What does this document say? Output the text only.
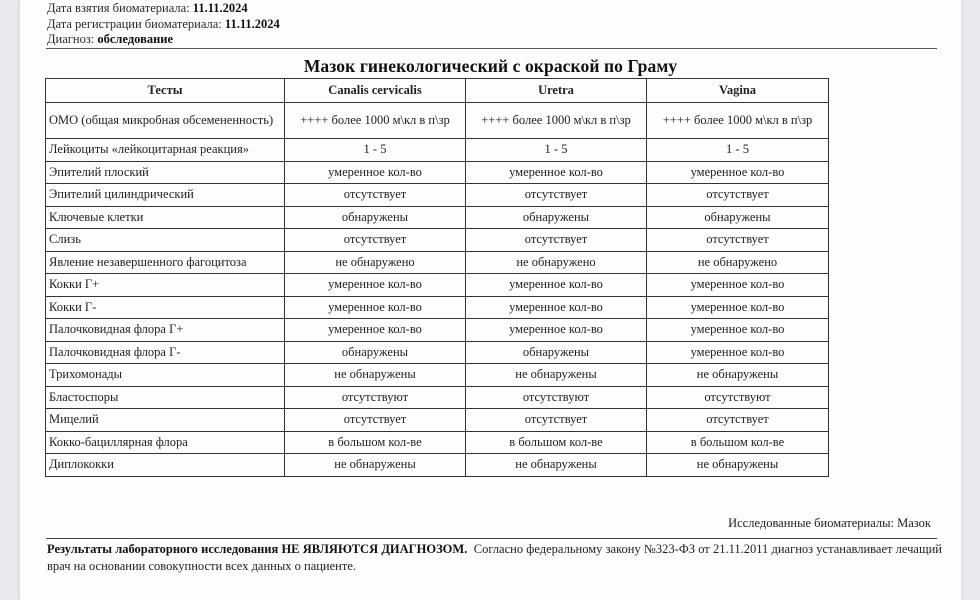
Дата взятия биоматериала: 11.11.2024
Дата регистрации биоматериала: 11.11.2024
Диагноз: обследование
Мазок гинекологический с окраской по Граму
Тесты	Canalis cervicalis	Uretra	Vagina
ОМО (общая микробная обсемененность)	++++ более 1000 м\кл в п\зр	++++ более 1000 м\кл в п\зр	++++ более 1000 м\кл в п\зр
Лейкоциты «лейкоцитарная реакция»	1 - 5	1 - 5	1 - 5
Эпителий плоский	умеренное кол-во	умеренное кол-во	умеренное кол-во
Эпителий цилиндрический	отсутствует	отсутствует	отсутствует
Ключевые клетки	обнаружены	обнаружены	обнаружены
Слизь	отсутствует	отсутствует	отсутствует
Явление незавершенного фагоцитоза	не обнаружено	не обнаружено	не обнаружено
Кокки Г+	умеренное кол-во	умеренное кол-во	умеренное кол-во
Кокки Г-	умеренное кол-во	умеренное кол-во	умеренное кол-во
Палочковидная флора Г+	умеренное кол-во	умеренное кол-во	умеренное кол-во
Палочковидная флора Г-	обнаружены	обнаружены	умеренное кол-во
Трихомонады	не обнаружены	не обнаружены	не обнаружены
Бластоспоры	отсутствуют	отсутствуют	отсутствуют
Мицелий	отсутствует	отсутствует	отсутствует
Кокко-бациллярная флора	в большом кол-ве	в большом кол-ве	в большом кол-ве
Диплококки	не обнаружены	не обнаружены	не обнаружены
Исследованные биоматериалы: Мазок
Результаты лабораторного исследования НЕ ЯВЛЯЮТСЯ ДИАГНОЗОМ. Согласно федеральному закону №323-ФЗ от 21.11.2011 диагноз устанавливает лечащий врач на основании совокупности всех данных о пациенте.
